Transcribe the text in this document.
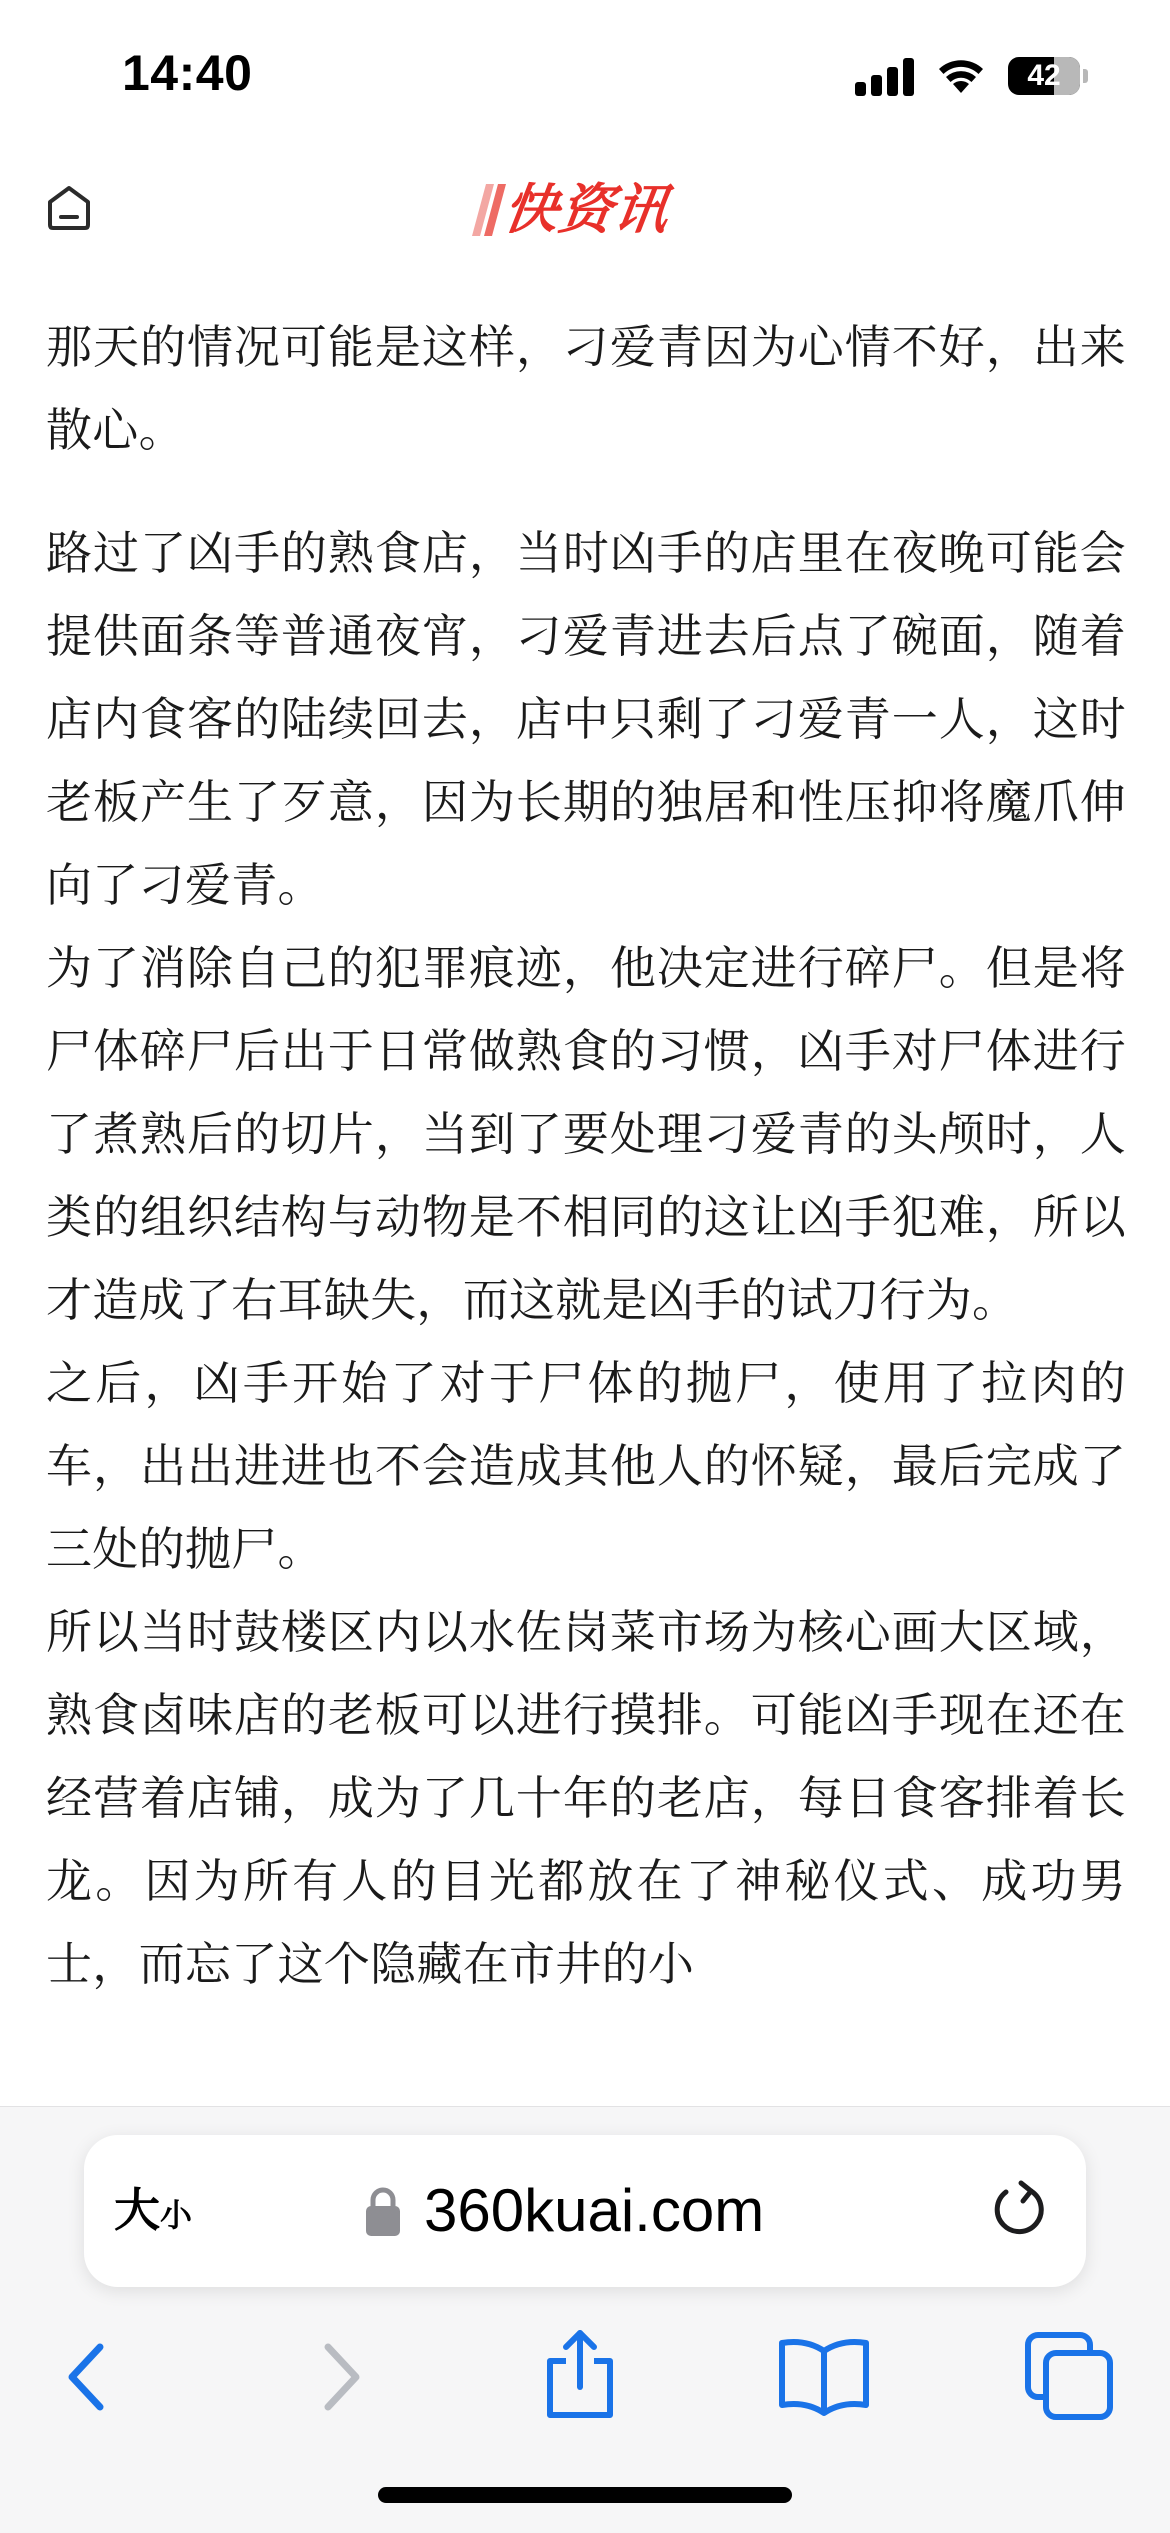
14:40	42
快资讯

那天的情况可能是这样，刁爱青因为心情不好，出来散心。

路过了凶手的熟食店，当时凶手的店里在夜晚可能会提供面条等普通夜宵，刁爱青进去后点了碗面，随着店内食客的陆续回去，店中只剩了刁爱青一人，这时老板产生了歹意，因为长期的独居和性压抑将魔爪伸向了刁爱青。

为了消除自己的犯罪痕迹，他决定进行碎尸。但是将尸体碎尸后出于日常做熟食的习惯，凶手对尸体进行了煮熟后的切片，当到了要处理刁爱青的头颅时，人类的组织结构与动物是不相同的这让凶手犯难，所以才造成了右耳缺失，而这就是凶手的试刀行为。

之后，凶手开始了对于尸体的抛尸，使用了拉肉的车，出出进进也不会造成其他人的怀疑，最后完成了三处的抛尸。

所以当时鼓楼区内以水佐岗菜市场为核心画大区域，熟食卤味店的老板可以进行摸排。可能凶手现在还在经营着店铺，成为了几十年的老店，每日食客排着长龙。因为所有人的目光都放在了神秘仪式、成功男士，而忘了这个隐藏在市井的小

大小	360kuai.com
